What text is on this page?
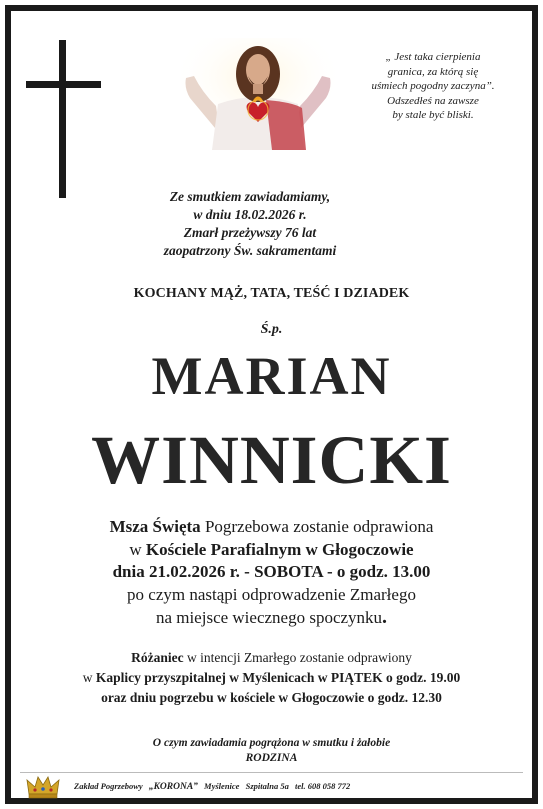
„ Jest taka cierpienia
granica, za którą się
uśmiech pogodny zaczyna”.
Odszedłeś na zawsze
by stale być bliski.
Ze smutkiem zawiadamiamy,
w dniu 18.02.2026 r.
Zmarł przeżywszy 76 lat
zaopatrzony Św. sakramentami
KOCHANY MĄŻ, TATA, TEŚĆ I DZIADEK
Ś.p.
MARIAN
WINNICKI
Msza Święta Pogrzebowa zostanie odprawiona
w Kościele Parafialnym w Głogoczowie
dnia 21.02.2026 r. - SOBOTA - o godz. 13.00
po czym nastąpi odprowadzenie Zmarłego
na miejsce wiecznego spoczynku.
Różaniec w intencji Zmarłego zostanie odprawiony
w Kaplicy przyszpitalnej w Myślenicach w PIĄTEK o godz. 19.00
oraz dniu pogrzebu w kościele w Głogoczowie o godz. 12.30
O czym zawiadamia pogrążona w smutku i żałobie
RODZINA
Zakład Pogrzebowy „KORONA” Myślenice Szpitalna 5a tel. 608 058 772
